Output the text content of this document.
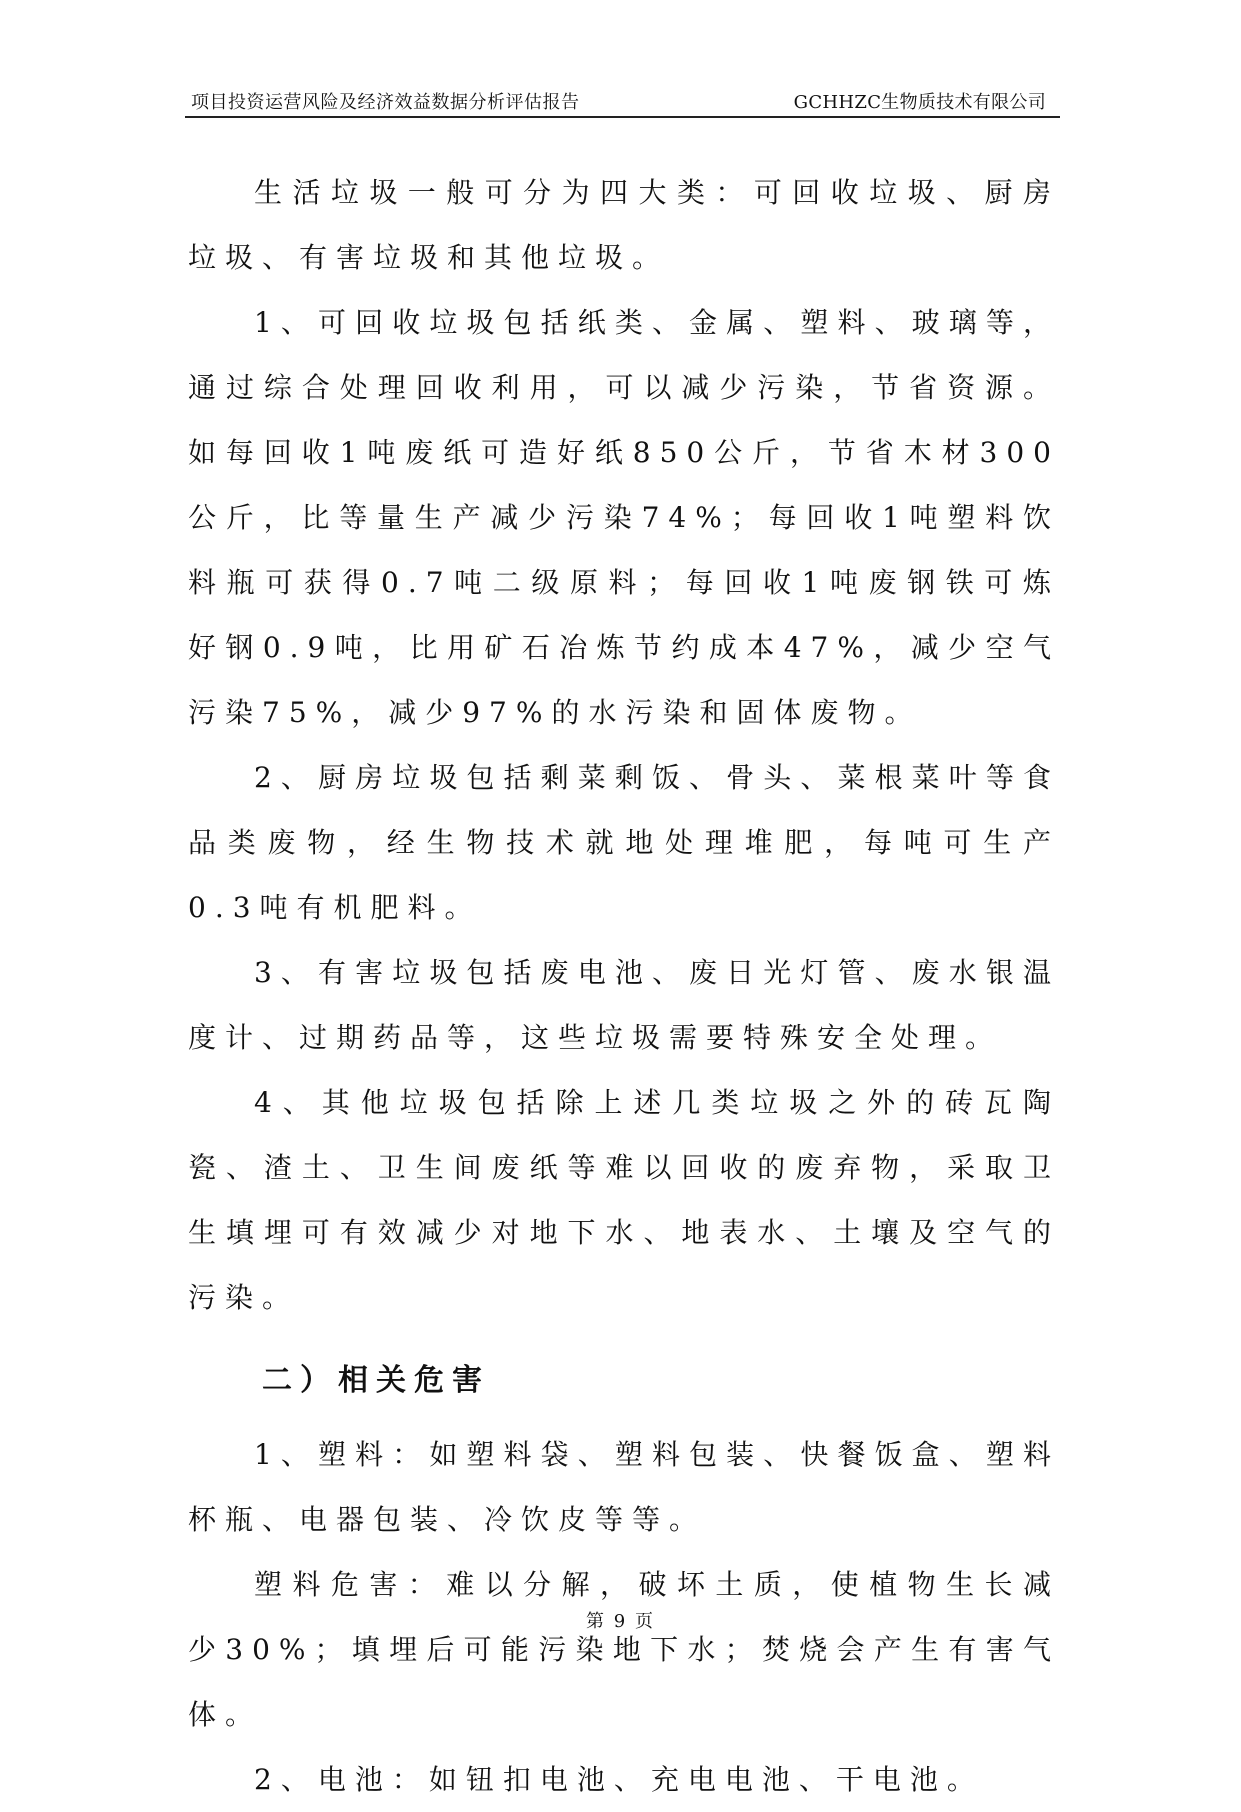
项目投资运营风险及经济效益数据分析评估报告	GCHHZC生物质技术有限公司

生活垃圾一般可分为四大类：可回收垃圾、厨房垃圾、有害垃圾和其他垃圾。

1、可回收垃圾包括纸类、金属、塑料、玻璃等，通过综合处理回收利用，可以减少污染，节省资源。如每回收1吨废纸可造好纸850公斤，节省木材300公斤，比等量生产减少污染74%；每回收1吨塑料饮料瓶可获得0.7吨二级原料；每回收1吨废钢铁可炼好钢0.9吨，比用矿石冶炼节约成本47%，减少空气污染75%，减少97%的水污染和固体废物。

2、厨房垃圾包括剩菜剩饭、骨头、菜根菜叶等食品类废物，经生物技术就地处理堆肥，每吨可生产0.3吨有机肥料。

3、有害垃圾包括废电池、废日光灯管、废水银温度计、过期药品等，这些垃圾需要特殊安全处理。

4、其他垃圾包括除上述几类垃圾之外的砖瓦陶瓷、渣土、卫生间废纸等难以回收的废弃物，采取卫生填埋可有效减少对地下水、地表水、土壤及空气的污染。

二）相关危害

1、塑料：如塑料袋、塑料包装、快餐饭盒、塑料杯瓶、电器包装、冷饮皮等等。

塑料危害：难以分解，破坏土质，使植物生长减少30%；填埋后可能污染地下水；焚烧会产生有害气体。

2、电池：如钮扣电池、充电电池、干电池。

第 9 页
